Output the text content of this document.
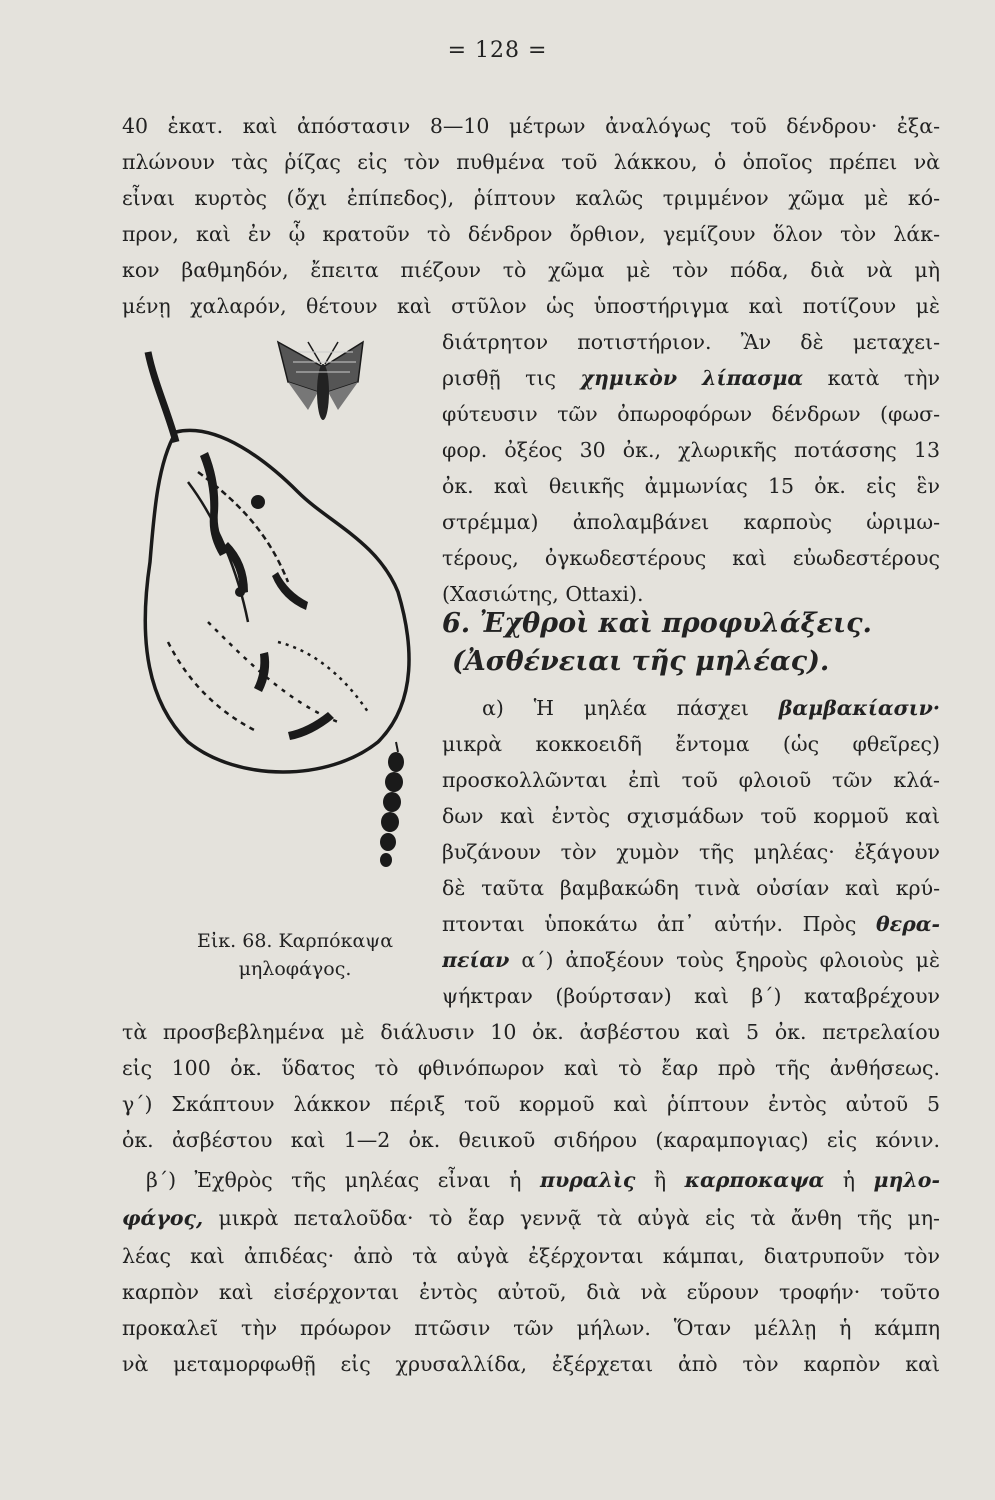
= 128 =
40 ἑκατ. καὶ ἀπόστασιν 8—10 μέτρων ἀναλόγως τοῦ δένδρου· ἐξα-
πλώνουν τὰς ῥίζας εἰς τὸν πυθμένα τοῦ λάκκου, ὁ ὁποῖος πρέπει νὰ
εἶναι κυρτὸς (ὄχι ἐπίπεδος), ῥίπτουν καλῶς τριμμένον χῶμα μὲ κό-
προν, καὶ ἐν ᾧ κρατοῦν τὸ δένδρον ὄρθιον, γεμίζουν ὅλον τὸν λάκ-
κον βαθμηδόν, ἔπειτα πιέζουν τὸ χῶμα μὲ τὸν πόδα, διὰ νὰ μὴ
μένῃ χαλαρόν, θέτουν καὶ στῦλον ὡς ὑποστήριγμα καὶ ποτίζουν μὲ
διάτρητον ποτιστήριον. Ἂν δὲ μεταχει-
ρισθῇ τις χημικὸν λίπασμα κατὰ τὴν
φύτευσιν τῶν ὀπωροφόρων δένδρων (φωσ-
φορ. ὀξέος 30 ὀκ., χλωρικῆς ποτάσσης 13
ὀκ. καὶ θειικῆς ἀμμωνίας 15 ὀκ. εἰς ἓν
στρέμμα) ἀπολαμβάνει καρποὺς ὡριμω-
τέρους, ὀγκωδεστέρους καὶ εὐωδεστέρους
(Χασιώτης, Ottaxi).
6. Ἐχθροὶ καὶ προφυλάξεις.
(Ἀσθένειαι τῆς μηλέας).
α) Ἡ μηλέα πάσχει βαμβακίασιν·
μικρὰ κοκκοειδῆ ἔντομα (ὡς φθεῖρες)
προσκολλῶνται ἐπὶ τοῦ φλοιοῦ τῶν κλά-
δων καὶ ἐντὸς σχισμάδων τοῦ κορμοῦ καὶ
βυζάνουν τὸν χυμὸν τῆς μηλέας· ἐξάγουν
δὲ ταῦτα βαμβακώδη τινὰ οὐσίαν καὶ κρύ-
πτονται ὑποκάτω ἀπ᾽ αὐτήν. Πρὸς θερα-
πείαν α΄) ἀποξέουν τοὺς ξηροὺς φλοιοὺς μὲ
ψήκτραν (βούρτσαν) καὶ β΄) καταβρέχουν
Εἰκ. 68. Καρπόκαψα
μηλοφάγος.
τὰ προσβεβλημένα μὲ διάλυσιν 10 ὀκ. ἀσβέστου καὶ 5 ὀκ. πετρελαίου
εἰς 100 ὀκ. ὕδατος τὸ φθινόπωρον καὶ τὸ ἔαρ πρὸ τῆς ἀνθήσεως.
γ΄) Σκάπτουν λάκκον πέριξ τοῦ κορμοῦ καὶ ῥίπτουν ἐντὸς αὐτοῦ 5
ὀκ. ἀσβέστου καὶ 1—2 ὀκ. θειικοῦ σιδήρου (καραμπογιας) εἰς κόνιν.
β΄) Ἐχθρὸς τῆς μηλέας εἶναι ἡ πυραλὶς ἢ καρποκαψα ἡ μηλο-
φάγος, μικρὰ πεταλοῦδα· τὸ ἔαρ γεννᾷ τὰ αὐγὰ εἰς τὰ ἄνθη τῆς μη-
λέας καὶ ἀπιδέας· ἀπὸ τὰ αὐγὰ ἐξέρχονται κάμπαι, διατρυποῦν τὸν
καρπὸν καὶ εἰσέρχονται ἐντὸς αὐτοῦ, διὰ νὰ εὕρουν τροφήν· τοῦτο
προκαλεῖ τὴν πρόωρον πτῶσιν τῶν μήλων. Ὅταν μέλλῃ ἡ κάμπη
νὰ μεταμορφωθῇ εἰς χρυσαλλίδα, ἐξέρχεται ἀπὸ τὸν καρπὸν καὶ
